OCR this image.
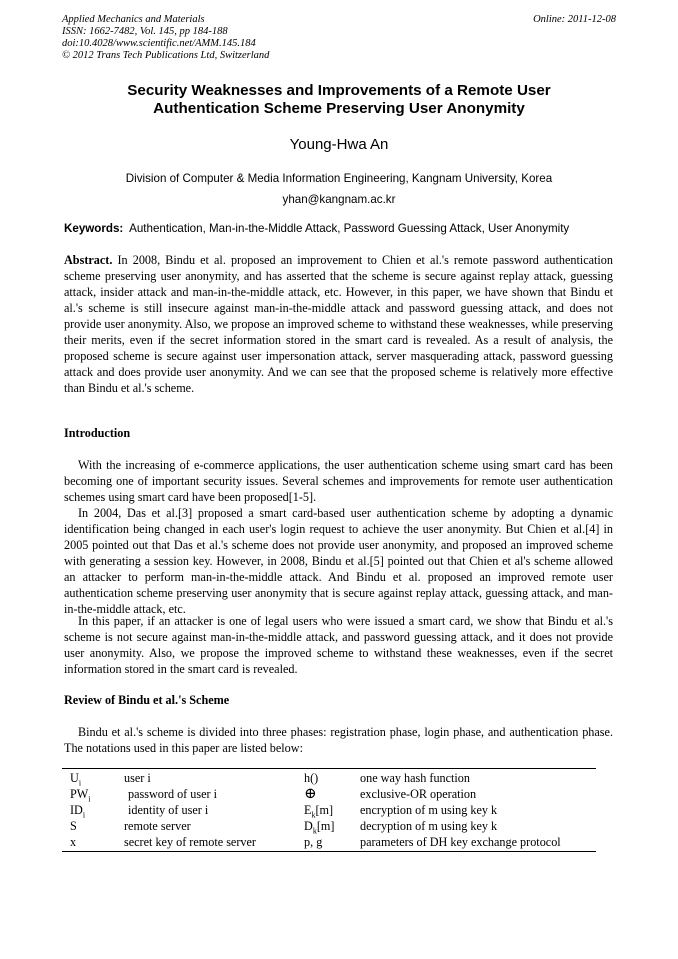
Applied Mechanics and Materials
ISSN: 1662-7482, Vol. 145, pp 184-188
doi:10.4028/www.scientific.net/AMM.145.184
© 2012 Trans Tech Publications Ltd, Switzerland
Online: 2011-12-08
Security Weaknesses and Improvements of a Remote User
Authentication Scheme Preserving User Anonymity
Young-Hwa An
Division of Computer & Media Information Engineering, Kangnam University, Korea
yhan@kangnam.ac.kr
Keywords: Authentication, Man-in-the-Middle Attack, Password Guessing Attack, User Anonymity
Abstract. In 2008, Bindu et al. proposed an improvement to Chien et al.'s remote password authentication scheme preserving user anonymity, and has asserted that the scheme is secure against replay attack, guessing attack, insider attack and man-in-the-middle attack, etc. However, in this paper, we have shown that Bindu et al.'s scheme is still insecure against man-in-the-middle attack and password guessing attack, and does not provide user anonymity. Also, we propose an improved scheme to withstand these weaknesses, while preserving their merits, even if the secret information stored in the smart card is revealed. As a result of analysis, the proposed scheme is secure against user impersonation attack, server masquerading attack, password guessing attack and does provide user anonymity. And we can see that the proposed scheme is relatively more effective than Bindu et al.'s scheme.
Introduction
With the increasing of e-commerce applications, the user authentication scheme using smart card has been becoming one of important security issues. Several schemes and improvements for remote user authentication schemes using smart card have been proposed[1-5].
In 2004, Das et al.[3] proposed a smart card-based user authentication scheme by adopting a dynamic identification being changed in each user's login request to achieve the user anonymity. But Chien et al.[4] in 2005 pointed out that Das et al.'s scheme does not provide user anonymity, and proposed an improved scheme with generating a session key. However, in 2008, Bindu et al.[5] pointed out that Chien et al's scheme allowed an attacker to perform man-in-the-middle attack. And Bindu et al. proposed an improved remote user authentication scheme preserving user anonymity that is secure against replay attack, guessing attack, and man-in-the-middle attack, etc.
In this paper, if an attacker is one of legal users who were issued a smart card, we show that Bindu et al.'s scheme is not secure against man-in-the-middle attack, and password guessing attack, and it does not provide user anonymity. Also, we propose the improved scheme to withstand these weaknesses, even if the secret information stored in the smart card is revealed.
Review of Bindu et al.'s Scheme
Bindu et al.'s scheme is divided into three phases: registration phase, login phase, and authentication phase. The notations used in this paper are listed below:
$U_i$	user i	h()	one way hash function
$PW_i$	password of user i	⊕	exclusive-OR operation
$ID_i$	identity of user i	$E_k[m]$ encryption of m using key k
S	remote server	$D_k[m]$ decryption of m using key k
x	secret key of remote server	p, g	parameters of DH key exchange protocol
